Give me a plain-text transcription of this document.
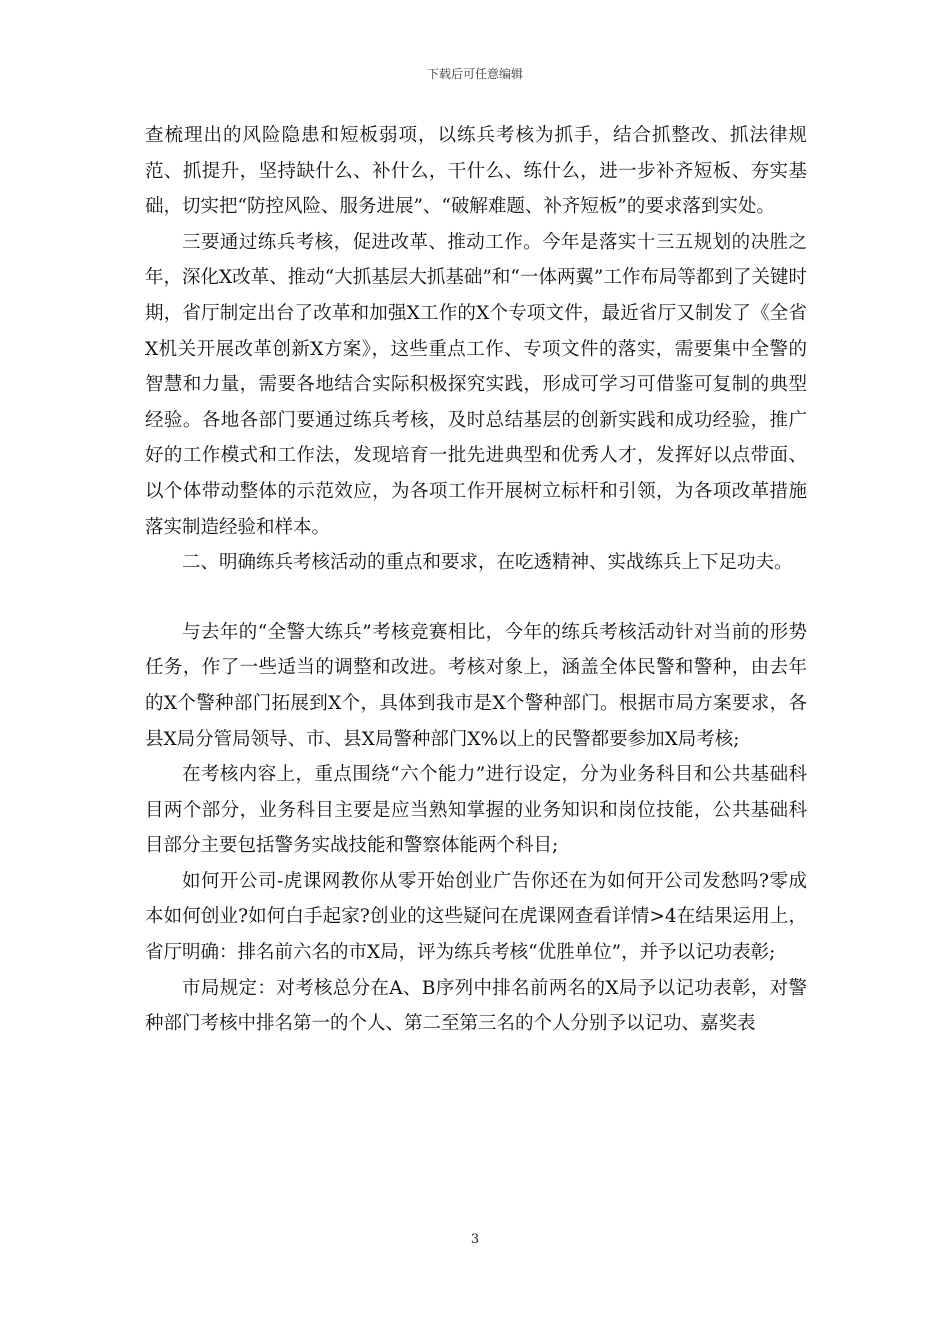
下载后可任意编辑

查梳理出的风险隐患和短板弱项，以练兵考核为抓手，结合抓整改、抓法律规范、抓提升，坚持缺什么、补什么，干什么、练什么，进一步补齐短板、夯实基础，切实把“防控风险、服务进展”、“破解难题、补齐短板”的要求落到实处。

三要通过练兵考核，促进改革、推动工作。今年是落实十三五规划的决胜之年，深化X改革、推动“大抓基层大抓基础”和“一体两翼”工作布局等都到了关键时期，省厅制定出台了改革和加强X工作的X个专项文件，最近省厅又制发了《全省X机关开展改革创新X方案》，这些重点工作、专项文件的落实，需要集中全警的智慧和力量，需要各地结合实际积极探究实践，形成可学习可借鉴可复制的典型经验。各地各部门要通过练兵考核，及时总结基层的创新实践和成功经验，推广好的工作模式和工作法，发现培育一批先进典型和优秀人才，发挥好以点带面、以个体带动整体的示范效应，为各项工作开展树立标杆和引领，为各项改革措施落实制造经验和样本。

二、明确练兵考核活动的重点和要求，在吃透精神、实战练兵上下足功夫。

与去年的“全警大练兵”考核竞赛相比，今年的练兵考核活动针对当前的形势任务，作了一些适当的调整和改进。考核对象上，涵盖全体民警和警种，由去年的X个警种部门拓展到X个，具体到我市是X个警种部门。根据市局方案要求，各县X局分管局领导、市、县X局警种部门X%以上的民警都要参加X局考核;

在考核内容上，重点围绕“六个能力”进行设定，分为业务科目和公共基础科目两个部分，业务科目主要是应当熟知掌握的业务知识和岗位技能，公共基础科目部分主要包括警务实战技能和警察体能两个科目;

如何开公司-虎课网教你从零开始创业广告你还在为如何开公司发愁吗?零成本如何创业?如何白手起家?创业的这些疑问在虎课网查看详情>4在结果运用上，省厅明确：排名前六名的市X局，评为练兵考核“优胜单位”，并予以记功表彰;

市局规定：对考核总分在A、B序列中排名前两名的X局予以记功表彰，对警种部门考核中排名第一的个人、第二至第三名的个人分别予以记功、嘉奖表

3
